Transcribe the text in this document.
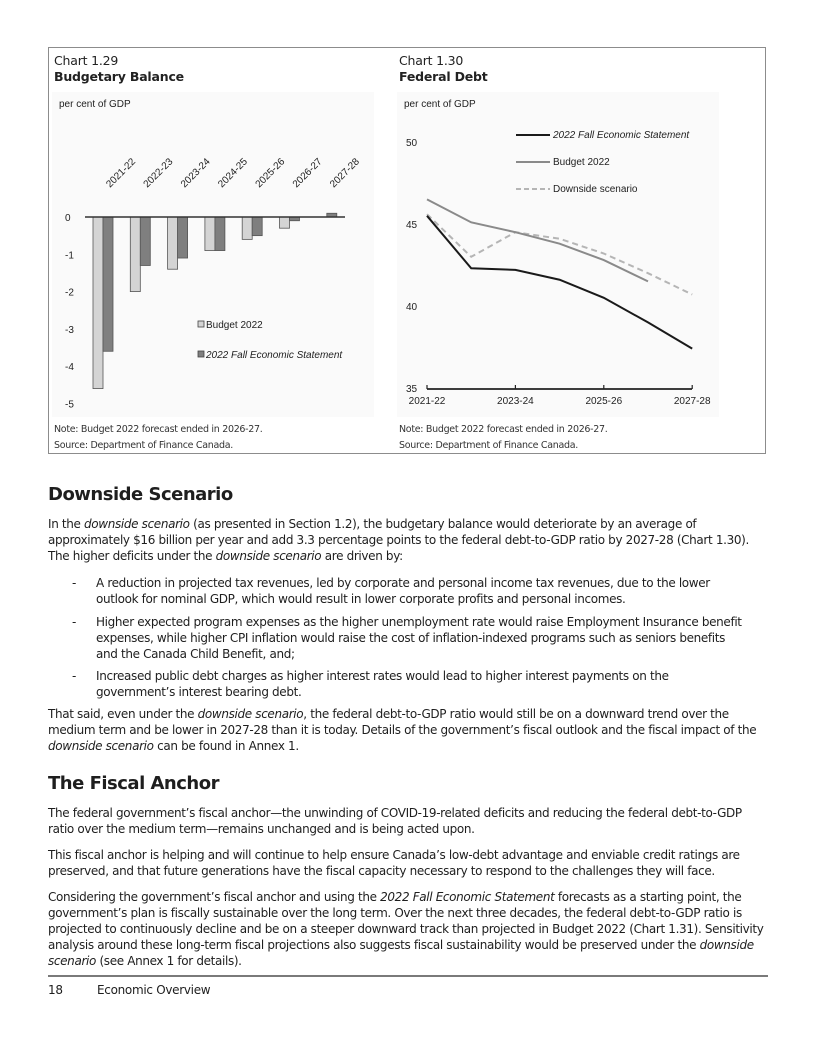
Chart 1.29
Budgetary Balance
per cent of GDP
0
-1
-2
-3
-4
-5
2021-22 2022-23 2023-24 2024-25 2025-26 2026-27 2027-28
Budget 2022
2022 Fall Economic Statement
Note: Budget 2022 forecast ended in 2026-27.
Source: Department of Finance Canada.
Chart 1.30
Federal Debt
per cent of GDP
35
40
45
50
2021-22	2023-24	2025-26	2027-28
2022 Fall Economic Statement
Budget 2022
Downside scenario
Note: Budget 2022 forecast ended in 2026-27.
Source: Department of Finance Canada.
Downside Scenario

In the downside scenario (as presented in Section 1.2), the budgetary balance would deteriorate by an average of approximately $16 billion per year and add 3.3 percentage points to the federal debt-to-GDP ratio by 2027-28 (Chart 1.30). The higher deficits under the downside scenario are driven by:

- A reduction in projected tax revenues, led by corporate and personal income tax revenues, due to the lower outlook for nominal GDP, which would result in lower corporate profits and personal incomes.
- Higher expected program expenses as the higher unemployment rate would raise Employment Insurance benefit expenses, while higher CPI inflation would raise the cost of inflation-indexed programs such as seniors benefits and the Canada Child Benefit, and;
- Increased public debt charges as higher interest rates would lead to higher interest payments on the government’s interest bearing debt.

That said, even under the downside scenario, the federal debt-to-GDP ratio would still be on a downward trend over the medium term and be lower in 2027-28 than it is today. Details of the government’s fiscal outlook and the fiscal impact of the downside scenario can be found in Annex 1.

The Fiscal Anchor

The federal government’s fiscal anchor—the unwinding of COVID-19-related deficits and reducing the federal debt-to-GDP ratio over the medium term—remains unchanged and is being acted upon.

This fiscal anchor is helping and will continue to help ensure Canada’s low-debt advantage and enviable credit ratings are preserved, and that future generations have the fiscal capacity necessary to respond to the challenges they will face.

Considering the government’s fiscal anchor and using the 2022 Fall Economic Statement forecasts as a starting point, the government’s plan is fiscally sustainable over the long term. Over the next three decades, the federal debt-to-GDP ratio is projected to continuously decline and be on a steeper downward track than projected in Budget 2022 (Chart 1.31). Sensitivity analysis around these long-term fiscal projections also suggests fiscal sustainability would be preserved under the downside scenario (see Annex 1 for details).

18	Economic Overview
